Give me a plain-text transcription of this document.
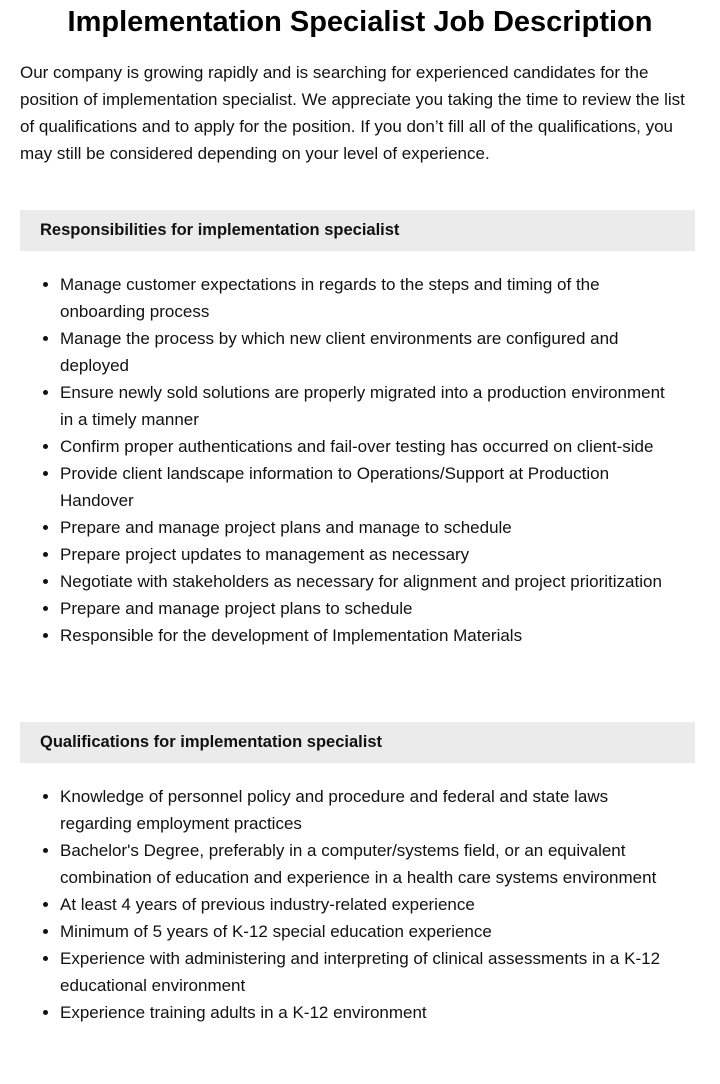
Implementation Specialist Job Description

Our company is growing rapidly and is searching for experienced candidates for the position of implementation specialist. We appreciate you taking the time to review the list of qualifications and to apply for the position. If you don’t fill all of the qualifications, you may still be considered depending on your level of experience.

Responsibilities for implementation specialist
• Manage customer expectations in regards to the steps and timing of the onboarding process
• Manage the process by which new client environments are configured and deployed
• Ensure newly sold solutions are properly migrated into a production environment in a timely manner
• Confirm proper authentications and fail-over testing has occurred on client-side
• Provide client landscape information to Operations/Support at Production Handover
• Prepare and manage project plans and manage to schedule
• Prepare project updates to management as necessary
• Negotiate with stakeholders as necessary for alignment and project prioritization
• Prepare and manage project plans to schedule
• Responsible for the development of Implementation Materials
Qualifications for implementation specialist
• Knowledge of personnel policy and procedure and federal and state laws regarding employment practices
• Bachelor's Degree, preferably in a computer/systems field, or an equivalent combination of education and experience in a health care systems environment
• At least 4 years of previous industry-related experience
• Minimum of 5 years of K-12 special education experience
• Experience with administering and interpreting of clinical assessments in a K-12 educational environment
• Experience training adults in a K-12 environment
